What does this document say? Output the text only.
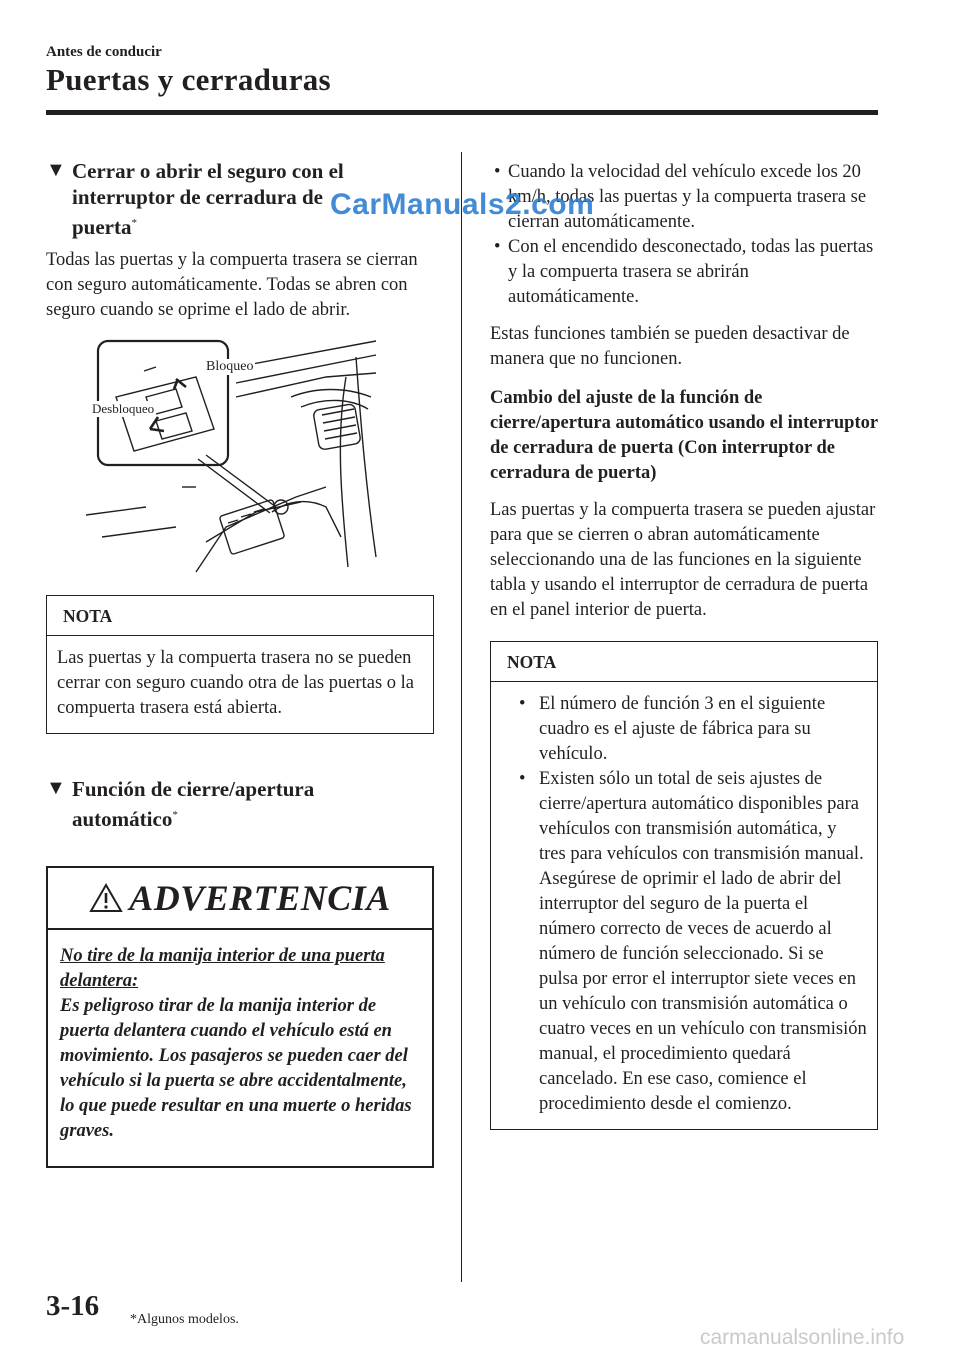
Antes de conducir
Puertas y cerraduras
▼ Cerrar o abrir el seguro con el
interruptor de cerradura de
puerta*

Todas las puertas y la compuerta trasera se cierran con seguro automáticamente. Todas se abren con seguro cuando se oprime el lado de abrir.

Bloqueo
Desbloqueo
NOTA
Las puertas y la compuerta trasera no se pueden cerrar con seguro cuando otra de las puertas o la compuerta trasera está abierta.
▼ Función de cierre/apertura
automático*
ADVERTENCIA
No tire de la manija interior de una puerta delantera:
Es peligroso tirar de la manija interior de puerta delantera cuando el vehículo está en movimiento. Los pasajeros se pueden caer del vehículo si la puerta se abre accidentalmente, lo que puede resultar en una muerte o heridas graves.
• Cuando la velocidad del vehículo excede los 20 km/h, todas las puertas y la compuerta trasera se cierran automáticamente.
• Con el encendido desconectado, todas las puertas y la compuerta trasera se abrirán automáticamente.

Estas funciones también se pueden desactivar de manera que no funcionen.

Cambio del ajuste de la función de cierre/apertura automático usando el interruptor de cerradura de puerta (Con interruptor de cerradura de puerta)

Las puertas y la compuerta trasera se pueden ajustar para que se cierren o abran automáticamente seleccionando una de las funciones en la siguiente tabla y usando el interruptor de cerradura de puerta en el panel interior de puerta.

NOTA
• El número de función 3 en el siguiente cuadro es el ajuste de fábrica para su vehículo.
• Existen sólo un total de seis ajustes de cierre/apertura automático disponibles para vehículos con transmisión automática, y tres para vehículos con transmisión manual. Asegúrese de oprimir el lado de abrir del interruptor del seguro de la puerta el número correcto de veces de acuerdo al número de función seleccionado. Si se pulsa por error el interruptor siete veces en un vehículo con transmisión automática o cuatro veces en un vehículo con transmisión manual, el procedimiento quedará cancelado. En ese caso, comience el procedimiento desde el comienzo.
3-16 *Algunos modelos.
CarManuals2.com
carmanualsonline.info
